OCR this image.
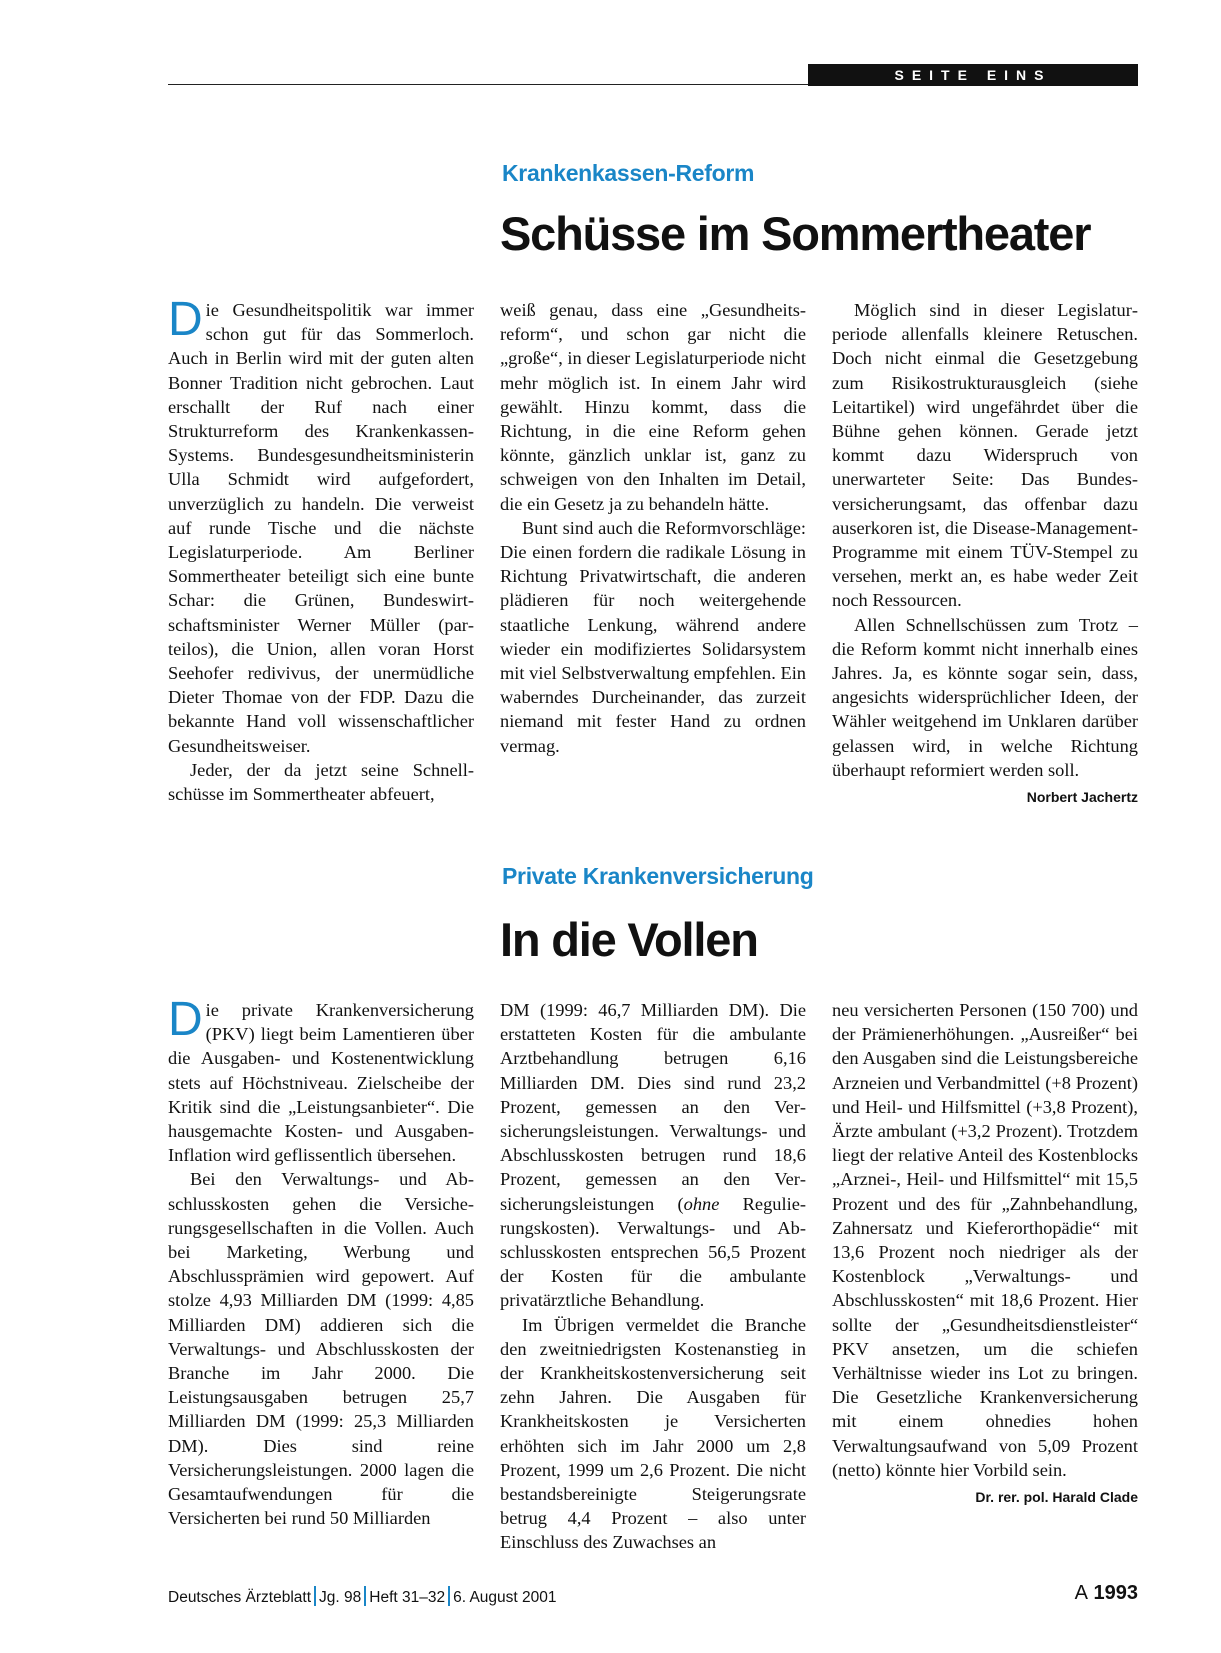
SEITE EINS
Krankenkassen-Reform
Schüsse im Sommertheater

Die Gesundheitspolitik war immer schon gut für das Sommerloch. Auch in Berlin wird mit der guten alten Bonner Tradition nicht gebrochen. Laut erschallt der Ruf nach einer Strukturreform des Krankenkassen-Systems. Bundesgesundheitsministerin Ulla Schmidt wird aufgefordert, unverzüglich zu handeln. Die verweist auf runde Tische und die nächste Legislaturperiode. Am Berliner Sommertheater beteiligt sich eine bunte Schar: die Grünen, Bundeswirtschaftsminister Werner Müller (parteilos), die Union, allen voran Horst Seehofer redivivus, der unermüdliche Dieter Thomae von der FDP. Dazu die bekannte Hand voll wissenschaftlicher Gesundheitsweiser.

Jeder, der da jetzt seine Schnellschüsse im Sommertheater abfeuert,

weiß genau, dass eine „Gesundheitsreform“, und schon gar nicht die „große“, in dieser Legislaturperiode nicht mehr möglich ist. In einem Jahr wird gewählt. Hinzu kommt, dass die Richtung, in die eine Reform gehen könnte, gänzlich unklar ist, ganz zu schweigen von den Inhalten im Detail, die ein Gesetz ja zu behandeln hätte.

Bunt sind auch die Reformvorschläge: Die einen fordern die radikale Lösung in Richtung Privatwirtschaft, die anderen plädieren für noch weitergehende staatliche Lenkung, während andere wieder ein modifiziertes Solidarsystem mit viel Selbstverwaltung empfehlen. Ein waberndes Durcheinander, das zurzeit niemand mit fester Hand zu ordnen vermag.

Möglich sind in dieser Legislaturperiode allenfalls kleinere Retuschen. Doch nicht einmal die Gesetzgebung zum Risikostrukturausgleich (siehe Leitartikel) wird ungefährdet über die Bühne gehen können. Gerade jetzt kommt dazu Widerspruch von unerwarteter Seite: Das Bundesversicherungsamt, das offenbar dazu auserkoren ist, die Disease-Management-Programme mit einem TÜV-Stempel zu versehen, merkt an, es habe weder Zeit noch Ressourcen.

Allen Schnellschüssen zum Trotz – die Reform kommt nicht innerhalb eines Jahres. Ja, es könnte sogar sein, dass, angesichts widersprüchlicher Ideen, der Wähler weitgehend im Unklaren darüber gelassen wird, in welche Richtung überhaupt reformiert werden soll.
Norbert Jachertz

Private Krankenversicherung
In die Vollen

Die private Krankenversicherung (PKV) liegt beim Lamentieren über die Ausgaben- und Kostenentwicklung stets auf Höchstniveau. Zielscheibe der Kritik sind die „Leistungsanbieter“. Die hausgemachte Kosten- und Ausgaben-Inflation wird geflissentlich übersehen.

Bei den Verwaltungs- und Abschlusskosten gehen die Versicherungsgesellschaften in die Vollen. Auch bei Marketing, Werbung und Abschlussprämien wird gepowert. Auf stolze 4,93 Milliarden DM (1999: 4,85 Milliarden DM) addieren sich die Verwaltungs- und Abschlusskosten der Branche im Jahr 2000. Die Leistungsausgaben betrugen 25,7 Milliarden DM (1999: 25,3 Milliarden DM). Dies sind reine Versicherungsleistungen. 2000 lagen die Gesamtaufwendungen für die Versicherten bei rund 50 Milliarden

DM (1999: 46,7 Milliarden DM). Die erstatteten Kosten für die ambulante Arztbehandlung betrugen 6,16 Milliarden DM. Dies sind rund 23,2 Prozent, gemessen an den Versicherungsleistungen. Verwaltungs- und Abschlusskosten betrugen rund 18,6 Prozent, gemessen an den Versicherungsleistungen (ohne Regulierungskosten). Verwaltungs- und Abschlusskosten entsprechen 56,5 Prozent der Kosten für die ambulante privatärztliche Behandlung.

Im Übrigen vermeldet die Branche den zweitniedrigsten Kostenanstieg in der Krankheitskostenversicherung seit zehn Jahren. Die Ausgaben für Krankheitskosten je Versicherten erhöhten sich im Jahr 2000 um 2,8 Prozent, 1999 um 2,6 Prozent. Die nicht bestandsbereinigte Steigerungsrate betrug 4,4 Prozent – also unter Einschluss des Zuwachses an

neu versicherten Personen (150 700) und der Prämienerhöhungen. „Ausreißer“ bei den Ausgaben sind die Leistungsbereiche Arzneien und Verbandmittel (+8 Prozent) und Heil- und Hilfsmittel (+3,8 Prozent), Ärzte ambulant (+3,2 Prozent). Trotzdem liegt der relative Anteil des Kostenblocks „Arznei-, Heil- und Hilfsmittel“ mit 15,5 Prozent und des für „Zahnbehandlung, Zahnersatz und Kieferorthopädie“ mit 13,6 Prozent noch niedriger als der Kostenblock „Verwaltungs- und Abschlusskosten“ mit 18,6 Prozent. Hier sollte der „Gesundheitsdienstleister“ PKV ansetzen, um die schiefen Verhältnisse wieder ins Lot zu bringen. Die Gesetzliche Krankenversicherung mit einem ohnedies hohen Verwaltungsaufwand von 5,09 Prozent (netto) könnte hier Vorbild sein.
Dr. rer. pol. Harald Clade

Deutsches Ärzteblatt Jg. 98 Heft 31–32 6. August 2001	A 1993
